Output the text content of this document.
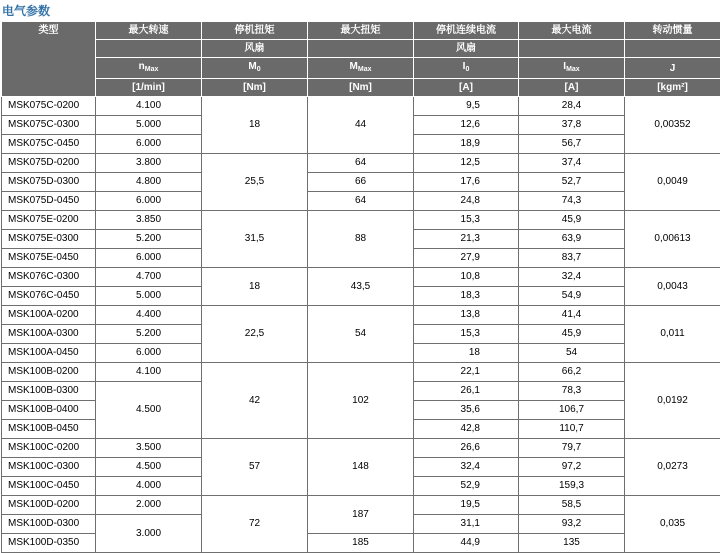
电气参数
类型	最大转速	停机扭矩	最大扭矩	停机连续电流	最大电流	转动惯量
		风扇		风扇		
	$n_{Max}$	$M_0$	$M_{Max}$	$I_0$	$I_{Max}$	J
	[1/min]	[Nm]	[Nm]	[A]	[A]	[kgm²]
MSK075C-0200	4.100	18	44	9,5	28,4	0,00352
MSK075C-0300	5.000			12,6	37,8	
MSK075C-0450	6.000			18,9	56,7	
MSK075D-0200	3.800	25,5	64	12,5	37,4	0,0049
MSK075D-0300	4.800		66	17,6	52,7	
MSK075D-0450	6.000		64	24,8	74,3	
MSK075E-0200	3.850	31,5	88	15,3	45,9	0,00613
MSK075E-0300	5.200			21,3	63,9	
MSK075E-0450	6.000			27,9	83,7	
MSK076C-0300	4.700	18	43,5	10,8	32,4	0,0043
MSK076C-0450	5.000			18,3	54,9	
MSK100A-0200	4.400	22,5	54	13,8	41,4	0,011
MSK100A-0300	5.200			15,3	45,9	
MSK100A-0450	6.000			18	54	
MSK100B-0200	4.100	42	102	22,1	66,2	0,0192
MSK100B-0300	4.500			26,1	78,3	
MSK100B-0400				35,6	106,7	
MSK100B-0450				42,8	110,7	
MSK100C-0200	3.500	57	148	26,6	79,7	0,0273
MSK100C-0300	4.500			32,4	97,2	
MSK100C-0450	4.000			52,9	159,3	
MSK100D-0200	2.000	72	187	19,5	58,5	0,035
MSK100D-0300	3.000			31,1	93,2	
MSK100D-0350			185	44,9	135	
